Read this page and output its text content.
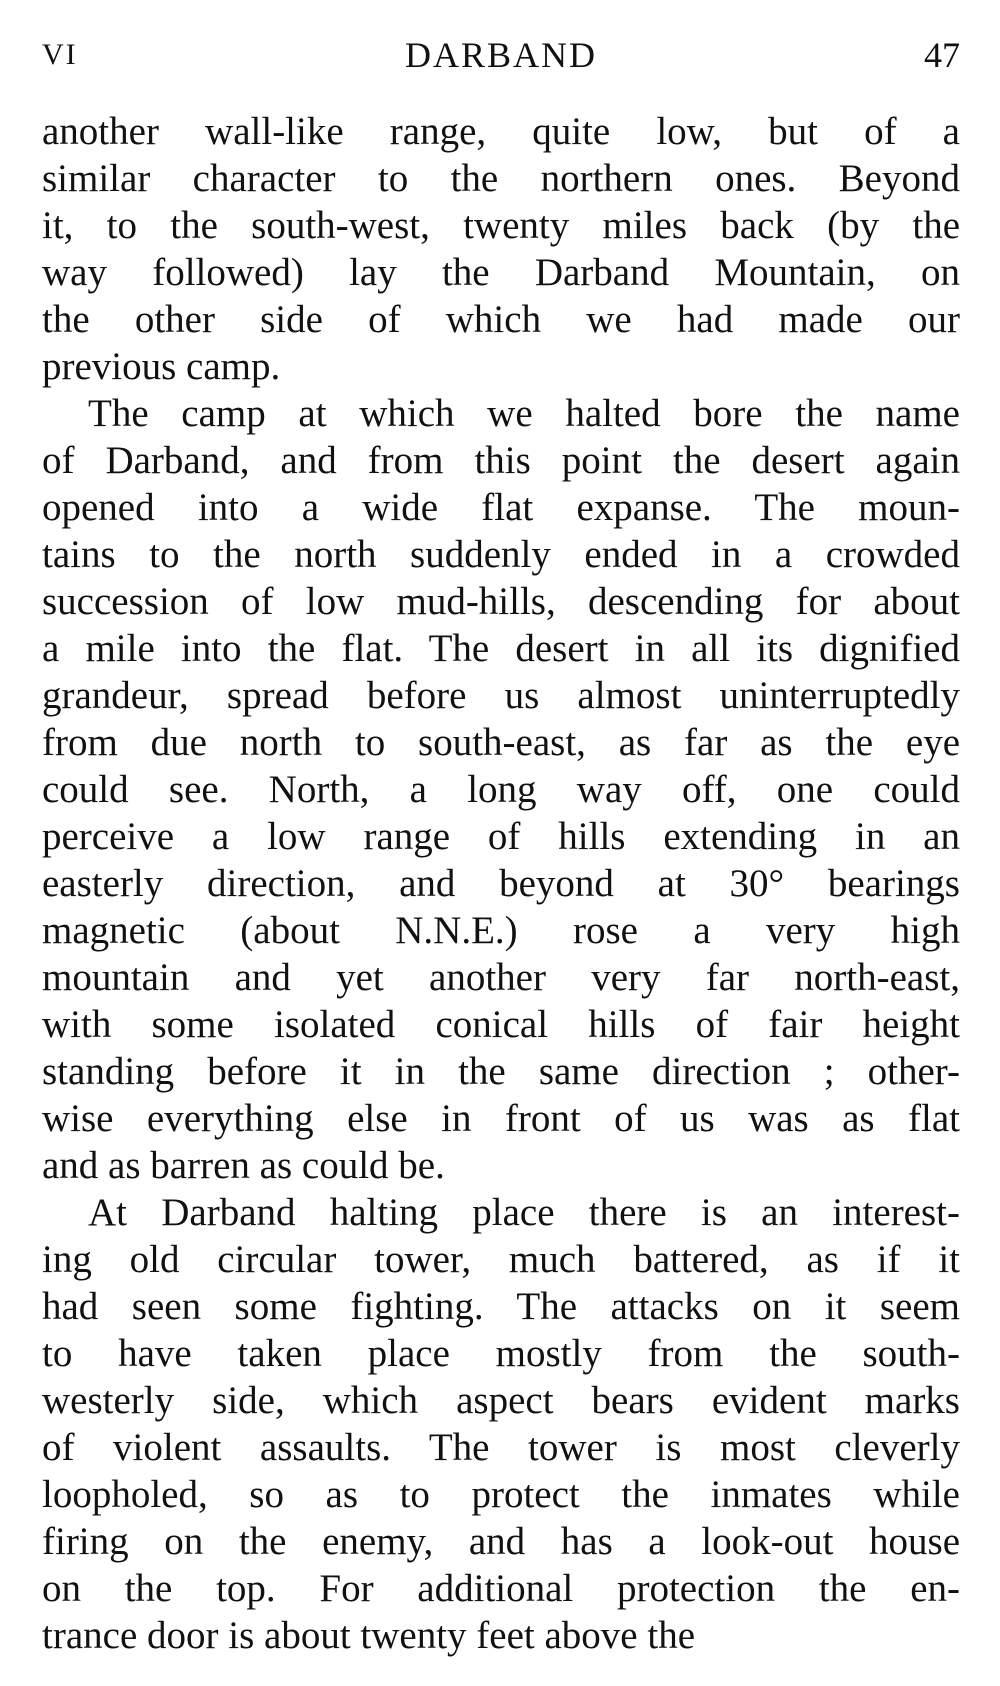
VI	DARBAND	47
another wall-like range, quite low, but of a
similar character to the northern ones. Beyond
it, to the south-west, twenty miles back (by the
way followed) lay the Darband Mountain, on
the other side of which we had made our
previous camp.
The camp at which we halted bore the name
of Darband, and from this point the desert again
opened into a wide flat expanse. The moun-
tains to the north suddenly ended in a crowded
succession of low mud-hills, descending for about
a mile into the flat. The desert in all its dignified
grandeur, spread before us almost uninterruptedly
from due north to south-east, as far as the eye
could see. North, a long way off, one could
perceive a low range of hills extending in an
easterly direction, and beyond at 30° bearings
magnetic (about N.N.E.) rose a very high
mountain and yet another very far north-east,
with some isolated conical hills of fair height
standing before it in the same direction ; other-
wise everything else in front of us was as flat
and as barren as could be.
At Darband halting place there is an interest-
ing old circular tower, much battered, as if it
had seen some fighting. The attacks on it seem
to have taken place mostly from the south-
westerly side, which aspect bears evident marks
of violent assaults. The tower is most cleverly
loopholed, so as to protect the inmates while
firing on the enemy, and has a look-out house
on the top. For additional protection the en-
trance door is about twenty feet above the
